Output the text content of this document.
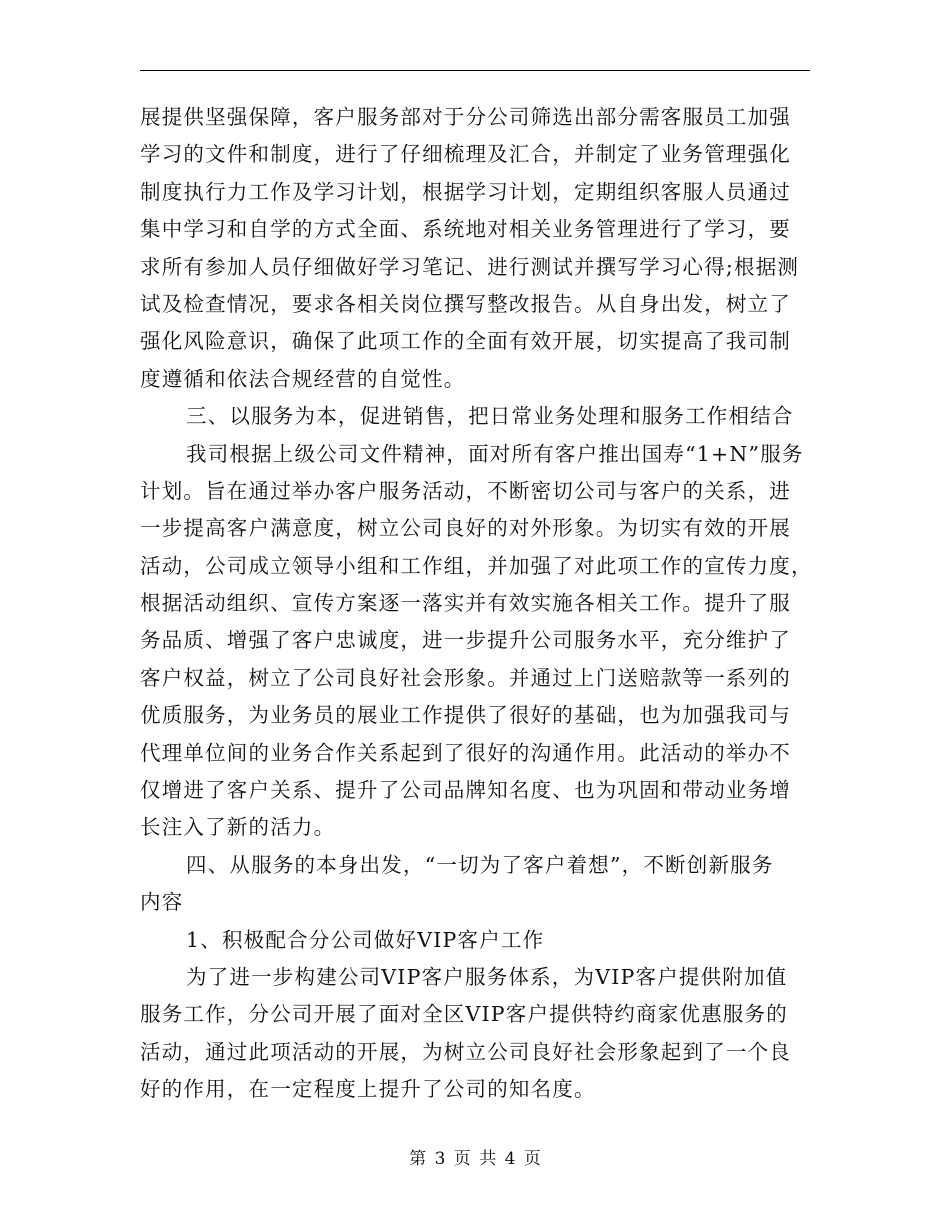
展提供坚强保障，客户服务部对于分公司筛选出部分需客服员工加强
学习的文件和制度，进行了仔细梳理及汇合，并制定了业务管理强化
制度执行力工作及学习计划，根据学习计划，定期组织客服人员通过
集中学习和自学的方式全面、系统地对相关业务管理进行了学习，要
求所有参加人员仔细做好学习笔记、进行测试并撰写学习心得;根据测
试及检查情况，要求各相关岗位撰写整改报告。从自身出发，树立了
强化风险意识，确保了此项工作的全面有效开展，切实提高了我司制
度遵循和依法合规经营的自觉性。
三、以服务为本，促进销售，把日常业务处理和服务工作相结合
我司根据上级公司文件精神，面对所有客户推出国寿“1+N”服务
计划。旨在通过举办客户服务活动，不断密切公司与客户的关系，进
一步提高客户满意度，树立公司良好的对外形象。为切实有效的开展
活动，公司成立领导小组和工作组，并加强了对此项工作的宣传力度，
根据活动组织、宣传方案逐一落实并有效实施各相关工作。提升了服
务品质、增强了客户忠诚度，进一步提升公司服务水平，充分维护了
客户权益，树立了公司良好社会形象。并通过上门送赔款等一系列的
优质服务，为业务员的展业工作提供了很好的基础，也为加强我司与
代理单位间的业务合作关系起到了很好的沟通作用。此活动的举办不
仅增进了客户关系、提升了公司品牌知名度、也为巩固和带动业务增
长注入了新的活力。
四、从服务的本身出发，“一切为了客户着想”，不断创新服务
内容
1、积极配合分公司做好VIP客户工作
为了进一步构建公司VIP客户服务体系，为VIP客户提供附加值
服务工作，分公司开展了面对全区VIP客户提供特约商家优惠服务的
活动，通过此项活动的开展，为树立公司良好社会形象起到了一个良
好的作用，在一定程度上提升了公司的知名度。
第 3 页 共 4 页
